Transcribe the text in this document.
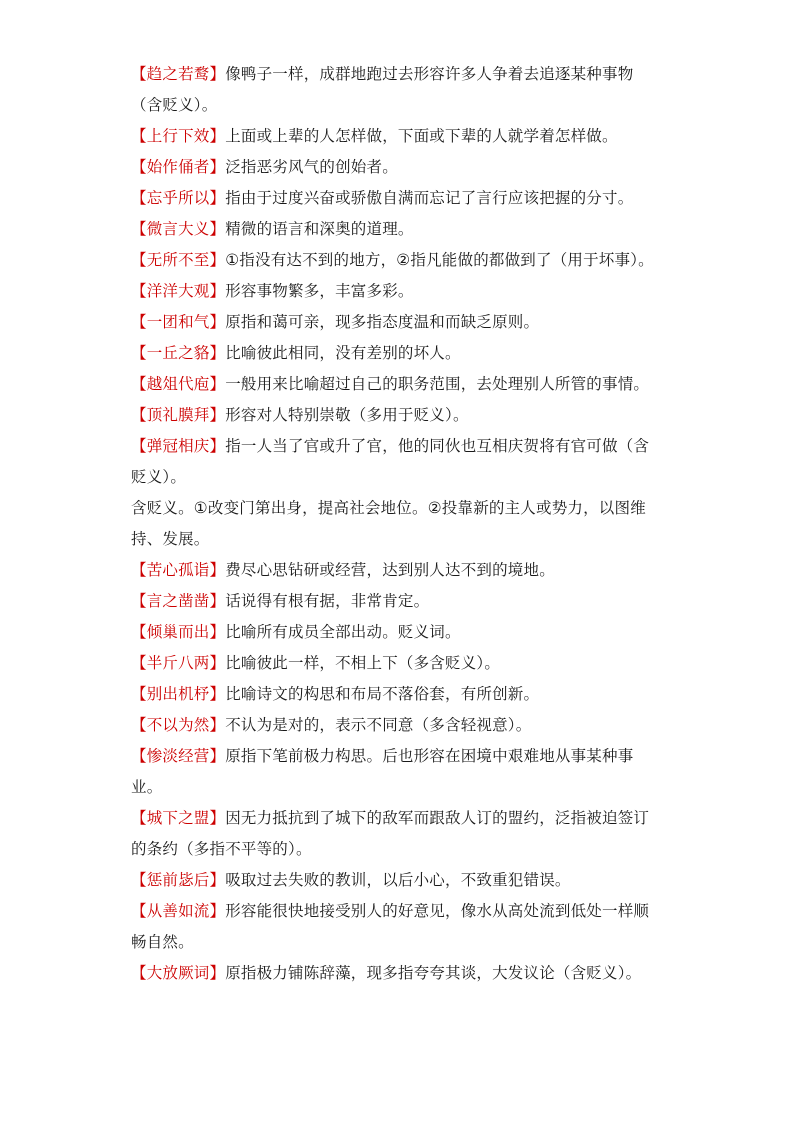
【趋之若鹜】像鸭子一样，成群地跑过去形容许多人争着去追逐某种事物（含贬义）。

【上行下效】上面或上辈的人怎样做，下面或下辈的人就学着怎样做。

【始作俑者】泛指恶劣风气的创始者。

【忘乎所以】指由于过度兴奋或骄傲自满而忘记了言行应该把握的分寸。

【微言大义】精微的语言和深奥的道理。

【无所不至】①指没有达不到的地方，②指凡能做的都做到了（用于坏事）。

【洋洋大观】形容事物繁多，丰富多彩。

【一团和气】原指和蔼可亲，现多指态度温和而缺乏原则。

【一丘之貉】比喻彼此相同，没有差别的坏人。

【越俎代庖】一般用来比喻超过自己的职务范围，去处理别人所管的事情。

【顶礼膜拜】形容对人特别崇敬（多用于贬义）。

【弹冠相庆】指一人当了官或升了官，他的同伙也互相庆贺将有官可做（含贬义）。

含贬义。①改变门第出身，提高社会地位。②投靠新的主人或势力，以图维持、发展。

【苦心孤诣】费尽心思钻研或经营，达到别人达不到的境地。

【言之凿凿】话说得有根有据，非常肯定。

【倾巢而出】比喻所有成员全部出动。贬义词。

【半斤八两】比喻彼此一样，不相上下（多含贬义）。

【别出机杼】比喻诗文的构思和布局不落俗套，有所创新。

【不以为然】不认为是对的，表示不同意（多含轻视意）。

【惨淡经营】原指下笔前极力构思。后也形容在困境中艰难地从事某种事业。

【城下之盟】因无力抵抗到了城下的敌军而跟敌人订的盟约，泛指被迫签订的条约（多指不平等的）。

【惩前毖后】吸取过去失败的教训，以后小心，不致重犯错误。

【从善如流】形容能很快地接受别人的好意见，像水从高处流到低处一样顺畅自然。

【大放厥词】原指极力铺陈辞藻，现多指夸夸其谈，大发议论（含贬义）。
